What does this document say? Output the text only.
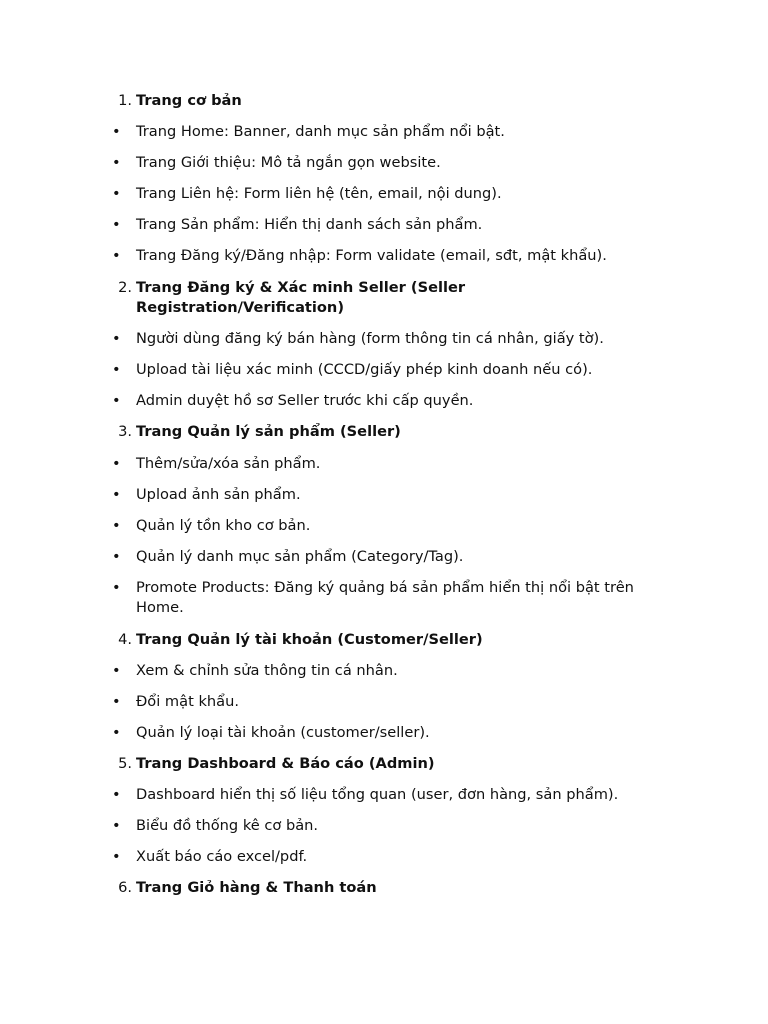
1. Trang cơ bản
• Trang Home: Banner, danh mục sản phẩm nổi bật.
• Trang Giới thiệu: Mô tả ngắn gọn website.
• Trang Liên hệ: Form liên hệ (tên, email, nội dung).
• Trang Sản phẩm: Hiển thị danh sách sản phẩm.
• Trang Đăng ký/Đăng nhập: Form validate (email, sđt, mật khẩu).
2. Trang Đăng ký & Xác minh Seller (Seller Registration/Verification)
• Người dùng đăng ký bán hàng (form thông tin cá nhân, giấy tờ).
• Upload tài liệu xác minh (CCCD/giấy phép kinh doanh nếu có).
• Admin duyệt hồ sơ Seller trước khi cấp quyền.
3. Trang Quản lý sản phẩm (Seller)
• Thêm/sửa/xóa sản phẩm.
• Upload ảnh sản phẩm.
• Quản lý tồn kho cơ bản.
• Quản lý danh mục sản phẩm (Category/Tag).
• Promote Products: Đăng ký quảng bá sản phẩm hiển thị nổi bật trên Home.
4. Trang Quản lý tài khoản (Customer/Seller)
• Xem & chỉnh sửa thông tin cá nhân.
• Đổi mật khẩu.
• Quản lý loại tài khoản (customer/seller).
5. Trang Dashboard & Báo cáo (Admin)
• Dashboard hiển thị số liệu tổng quan (user, đơn hàng, sản phẩm).
• Biểu đồ thống kê cơ bản.
• Xuất báo cáo excel/pdf.
6. Trang Giỏ hàng & Thanh toán
